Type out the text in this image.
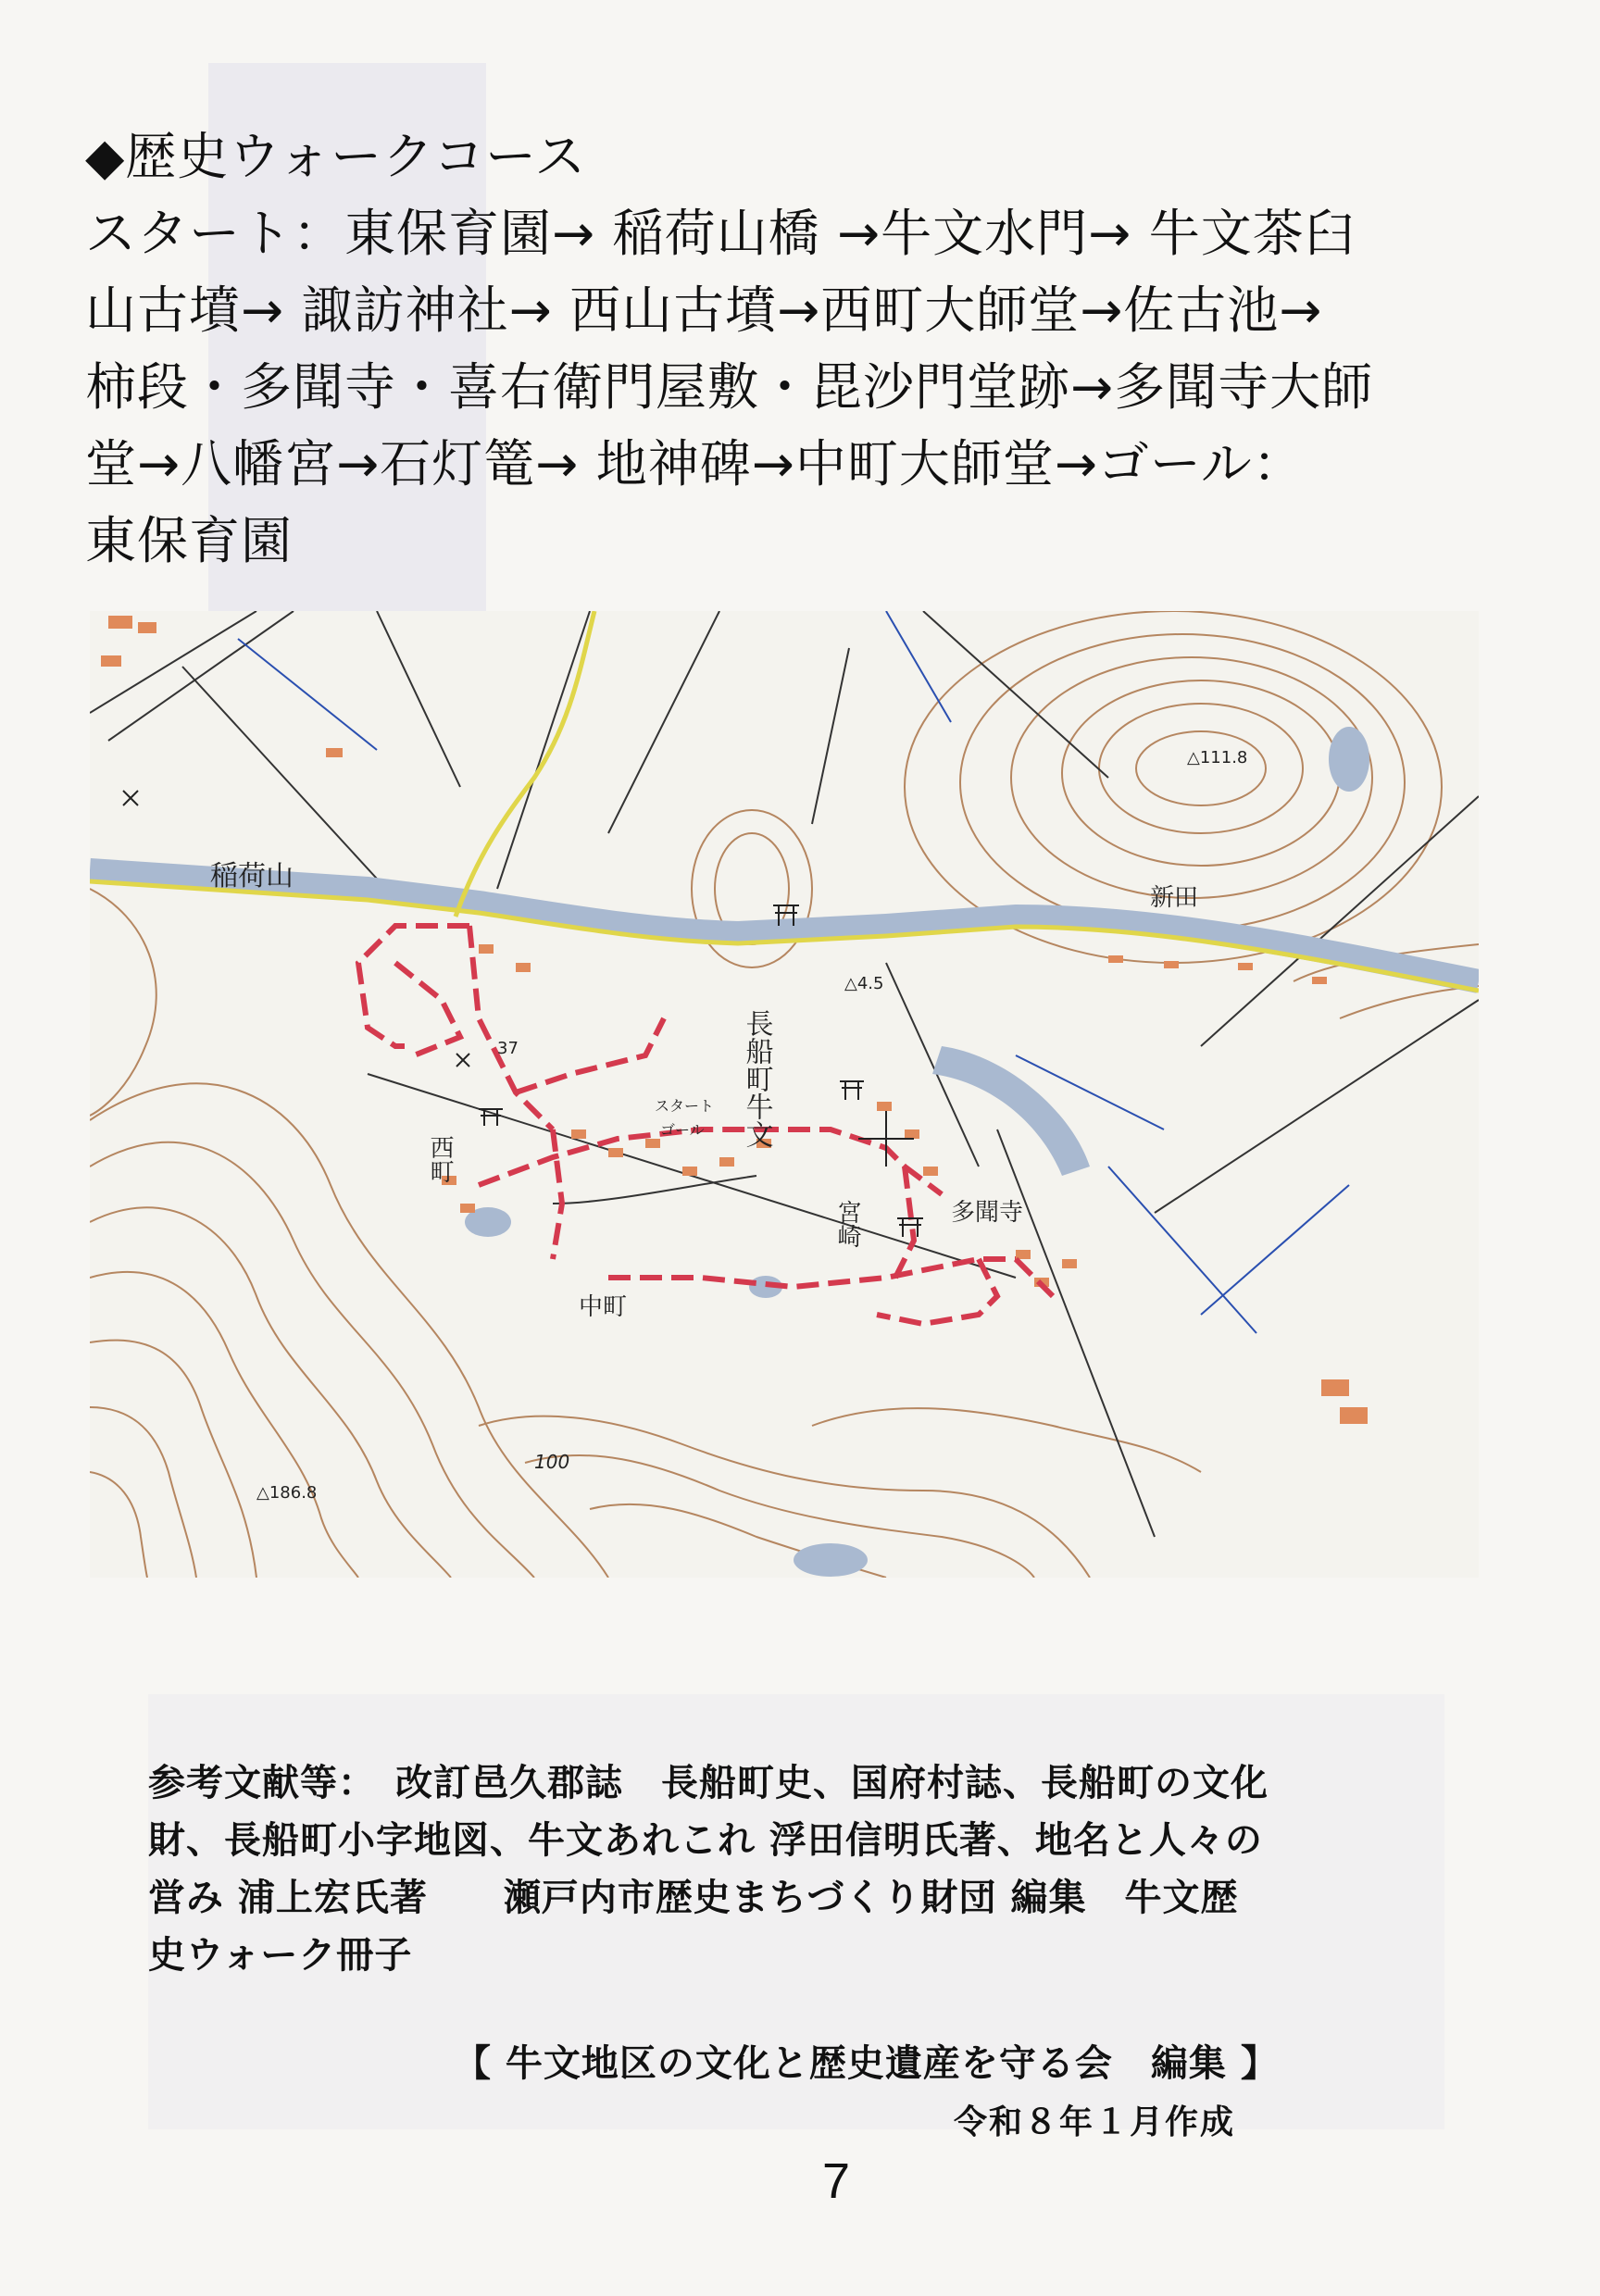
◆歴史ウォークコース
スタート：東保育園→ 稲荷山橋 →牛文水門→ 牛文茶臼
山古墳→ 諏訪神社→ 西山古墳→西町大師堂→佐古池→
柿段・多聞寺・喜右衛門屋敷・毘沙門堂跡→多聞寺大師
堂→八幡宮→石灯篭→ 地神碑→中町大師堂→ゴール：
東保育園
稲荷山
新田
△111.8
△4.5
37
スタート
ゴール 長船町牛文
西町
宮崎	多聞寺
中町
100
△186.8
参考文献等：　改訂邑久郡誌　長船町史、国府村誌、長船町の文化
財、長船町小字地図、牛文あれこれ 浮田信明氏著、地名と人々の
営み 浦上宏氏著　　瀬戸内市歴史まちづくり財団 編集　牛文歴
史ウォーク冊子
【 牛文地区の文化と歴史遺産を守る会　編集 】
令和８年１月作成
7
